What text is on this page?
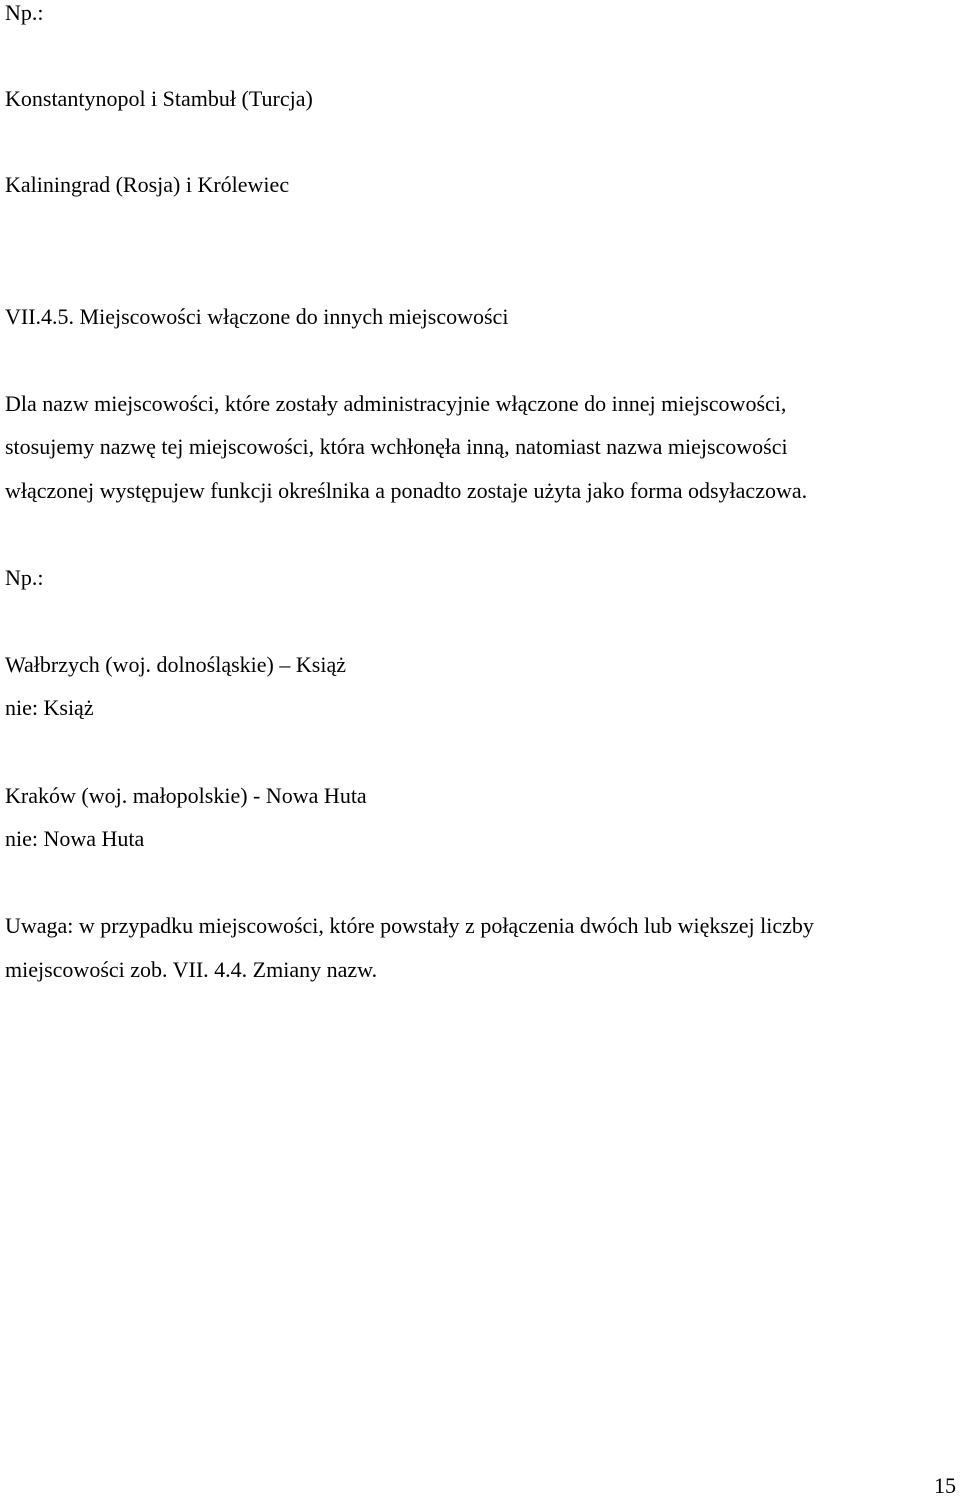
Np.:
Konstantynopol i Stambuł (Turcja)
Kaliningrad (Rosja) i Królewiec
VII.4.5. Miejscowości włączone do innych miejscowości
Dla nazw miejscowości, które zostały administracyjnie włączone do innej miejscowości,
stosujemy nazwę tej miejscowości, która wchłonęła inną, natomiast nazwa miejscowości
włączonej występujew funkcji określnika a ponadto zostaje użyta jako forma odsyłaczowa.
Np.:
Wałbrzych (woj. dolnośląskie) – Książ
nie: Książ
Kraków (woj. małopolskie) - Nowa Huta
nie: Nowa Huta
Uwaga: w przypadku miejscowości, które powstały z połączenia dwóch lub większej liczby
miejscowości zob. VII. 4.4. Zmiany nazw.
15
